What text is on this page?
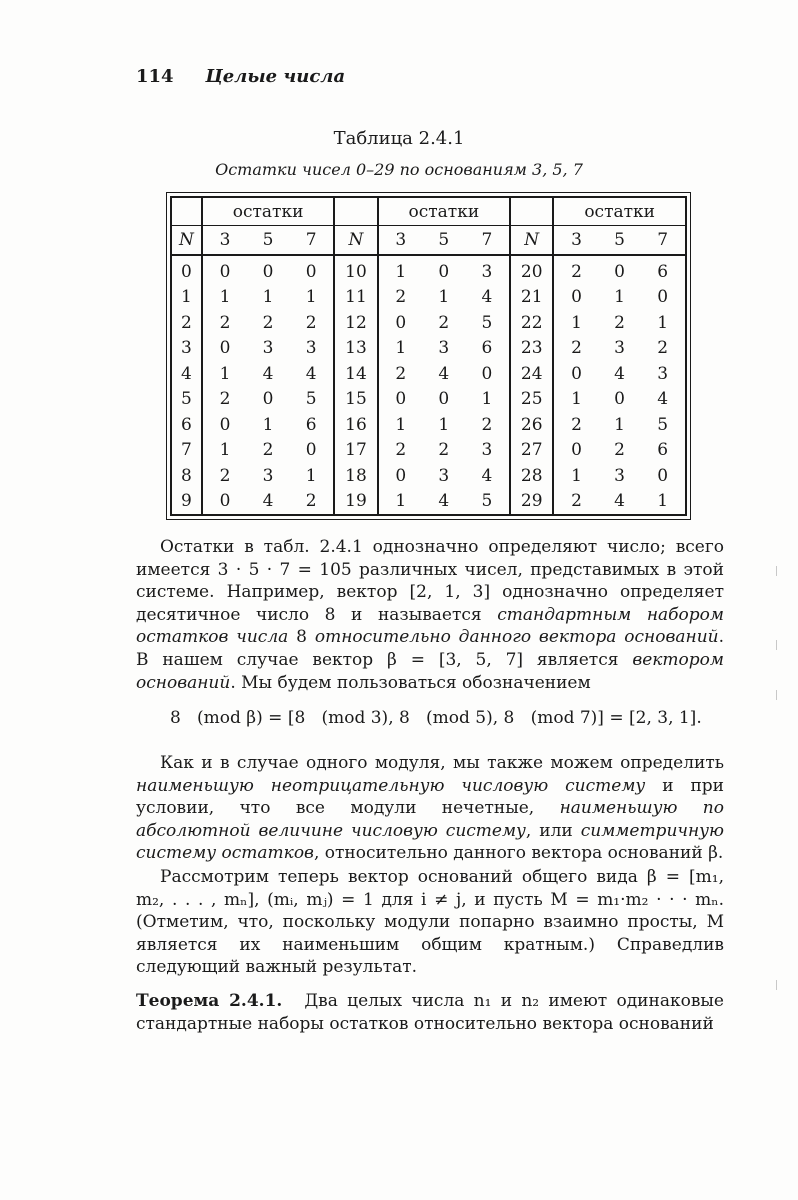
114 Целые числа
Таблица 2.4.1
Остатки чисел 0–29 по основаниям 3, 5, 7
	остатки				остатки				остатки		
N	3	5	7	N	3	5	7	N	3	5	7
0	0	0	0	10	1	0	3	20	2	0	6
1	1	1	1	11	2	1	4	21	0	1	0
2	2	2	2	12	0	2	5	22	1	2	1
3	0	3	3	13	1	3	6	23	2	3	2
4	1	4	4	14	2	4	0	24	0	4	3
5	2	0	5	15	0	0	1	25	1	0	4
6	0	1	6	16	1	1	2	26	2	1	5
7	1	2	0	17	2	2	3	27	0	2	6
8	2	3	1	18	0	3	4	28	1	3	0
9	0	4	2	19	1	4	5	29	2	4	1

Остатки в табл. 2.4.1 однозначно определяют число; всего имеется 3 · 5 · 7 = 105 различных чисел, представимых в этой системе. Например, вектор [2, 1, 3] однозначно определяет десятичное число 8 и называется стандартным набором остатков числа 8 относительно данного вектора оснований. В нашем случае вектор β = [3, 5, 7] является вектором оснований. Мы будем пользоваться обозначением

8   (mod β) = [8   (mod 3), 8   (mod 5), 8   (mod 7)] = [2, 3, 1].

Как и в случае одного модуля, мы также можем определить наименьшую неотрицательную числовую систему и при условии, что все модули нечетные, наименьшую по абсолютной величине числовую систему, или симметричную систему остатков, относительно данного вектора оснований β.

Рассмотрим теперь вектор оснований общего вида β = [m₁, m₂, . . . , mₙ], (mᵢ, mⱼ) = 1 для i ≠ j, и пусть M = m₁·m₂ · · · mₙ. (Отметим, что, поскольку модули попарно взаимно просты, M является их наименьшим общим кратным.) Справедлив следующий важный результат.

Теорема 2.4.1. Два целых числа n₁ и n₂ имеют одинаковые стандартные наборы остатков относительно вектора оснований
